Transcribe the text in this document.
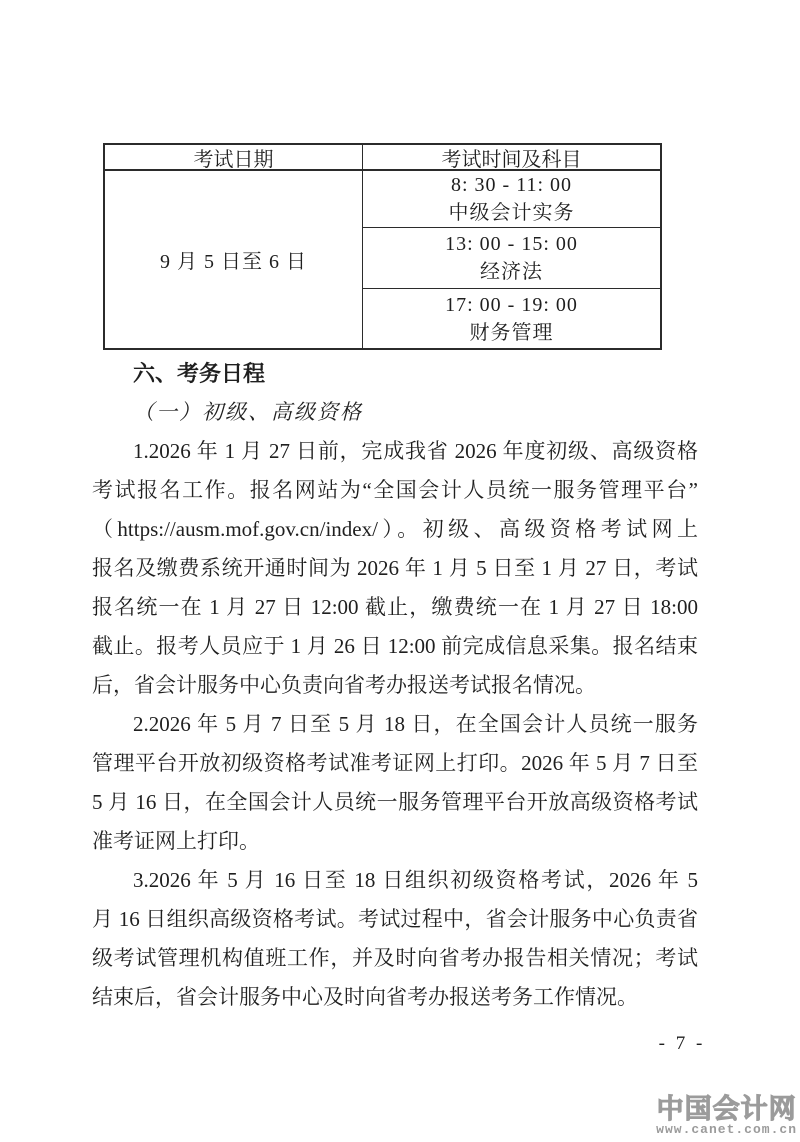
考试日期	考试时间及科目
9 月 5 日至 6 日
8: 30 - 11: 00
中级会计实务
13: 00 - 15: 00
经济法
17: 00 - 19: 00
财务管理
六、考务日程
（一）初级、高级资格
1.2026 年 1 月 27 日前，完成我省 2026 年度初级、高级资格
考试报名工作。报名网站为“全国会计人员统一服务管理平台”
（https://ausm.mof.gov.cn/index/）。初级、高级资格考试网上
报名及缴费系统开通时间为 2026 年 1 月 5 日至 1 月 27 日，考试
报名统一在 1 月 27 日 12:00 截止，缴费统一在 1 月 27 日 18:00
截止。报考人员应于 1 月 26 日 12:00 前完成信息采集。报名结束
后，省会计服务中心负责向省考办报送考试报名情况。
2.2026 年 5 月 7 日至 5 月 18 日，在全国会计人员统一服务
管理平台开放初级资格考试准考证网上打印。2026 年 5 月 7 日至
5 月 16 日，在全国会计人员统一服务管理平台开放高级资格考试
准考证网上打印。
3.2026 年 5 月 16 日至 18 日组织初级资格考试，2026 年 5
月 16 日组织高级资格考试。考试过程中，省会计服务中心负责省
级考试管理机构值班工作，并及时向省考办报告相关情况；考试
结束后，省会计服务中心及时向省考办报送考务工作情况。
- 7 -
中国会计网
www.canet.com.cn
